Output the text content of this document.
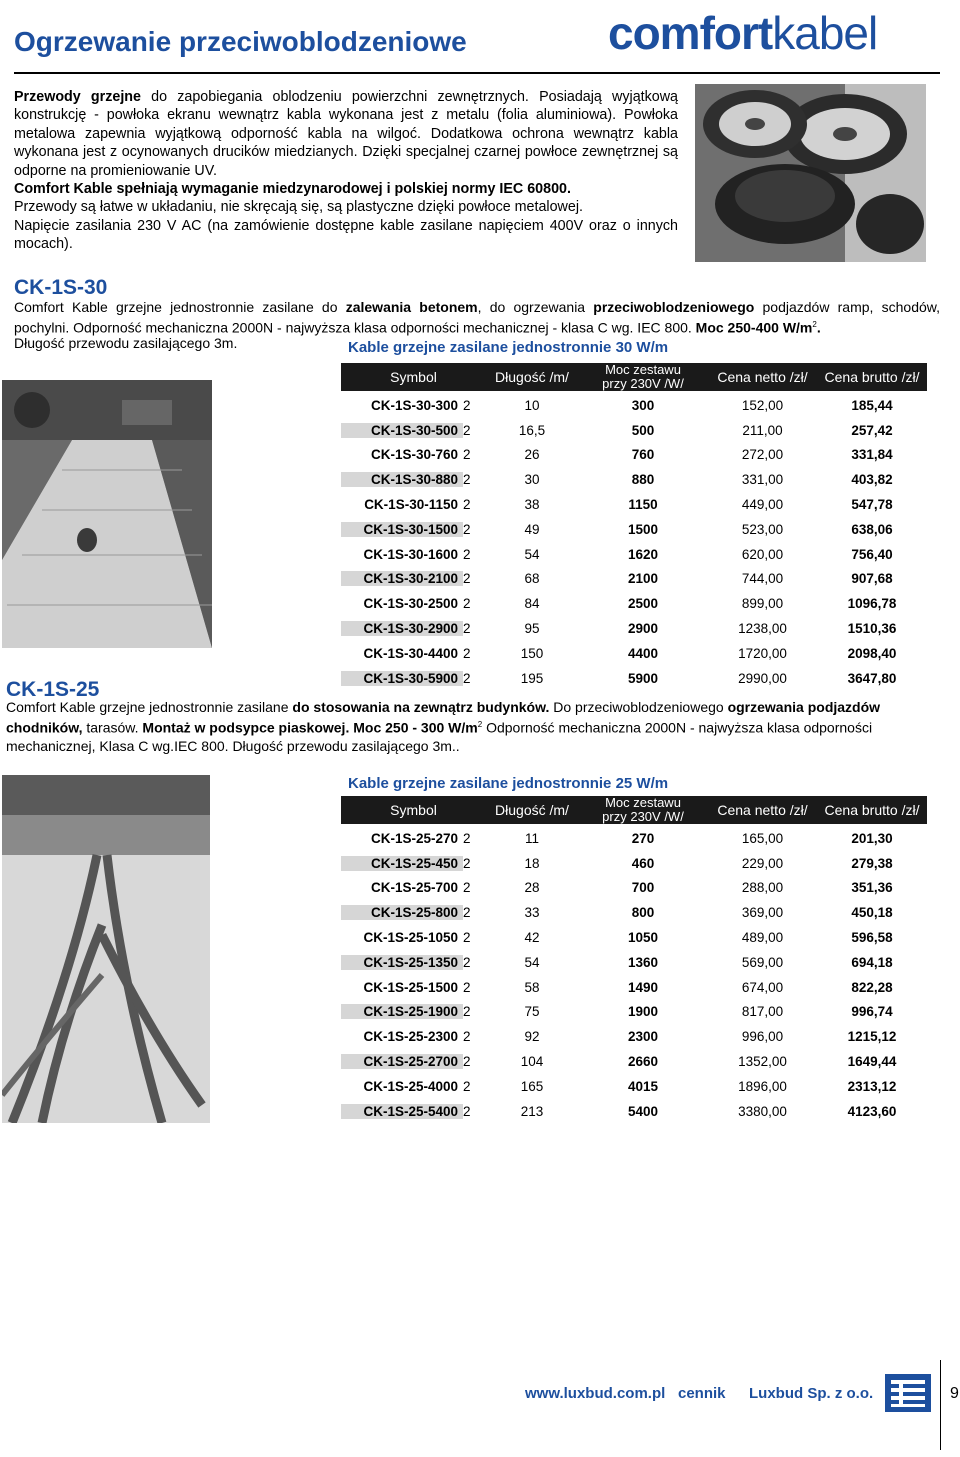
Ogrzewanie przeciwoblodzeniowe	comfortkabel

Przewody grzejne do zapobiegania oblodzeniu powierzchni zewnętrznych. Posiadają wyjątkową konstrukcję - powłoka ekranu wewnątrz kabla wykonana jest z metalu (folia aluminiowa). Powłoka metalowa zapewnia wyjątkową odporność kabla na wilgoć. Dodatkowa ochrona wewnątrz kabla wykonana jest z ocynowanych drucików miedzianych. Dzięki specjalnej czarnej powłoce zewnętrznej są odporne na promieniowanie UV.

Comfort Kable spełniają wymaganie miedzynarodowej i polskiej normy IEC 60800.

Przewody są łatwe w układaniu, nie skręcają się, są plastyczne dzięki powłoce metalowej.

Napięcie zasilania 230 V AC (na zamówienie dostępne kable zasilane napięciem 400V oraz o innych mocach).

CK-1S-30
Comfort Kable grzejne jednostronnie zasilane do zalewania betonem, do ogrzewania przeciwoblodzeniowego podjazdów ramp, schodów, pochylni. Odporność mechaniczna 2000N - najwyższa klasa odporności mechanicznej - klasa C wg. IEC 800. Moc 250-400 $W/m^2$.
Długość przewodu zasilającego 3m.	Kable grzejne zasilane jednostronnie 30 W/m
Symbol	Długość /m/	Moc zestawu
przy 230V /W/	Cena netto /zł/	Cena brutto /zł/
CK-1S-30-300 2	10	300	152,00	185,44
CK-1S-30-500 2	16,5	500	211,00	257,42
CK-1S-30-760 2	26	760	272,00	331,84
CK-1S-30-880 2	30	880	331,00	403,82
CK-1S-30-1150 2	38	1150	449,00	547,78
CK-1S-30-1500 2	49	1500	523,00	638,06
CK-1S-30-1600 2	54	1620	620,00	756,40
CK-1S-30-2100 2	68	2100	744,00	907,68
CK-1S-30-2500 2	84	2500	899,00	1096,78
CK-1S-30-2900 2	95	2900	1238,00	1510,36
CK-1S-30-4400 2	150	4400	1720,00	2098,40
CK-1S-30-5900 2	195	5900	2990,00	3647,80
CK-1S-25
Comfort Kable grzejne jednostronnie zasilane do stosowania na zewnątrz budynków. Do przeciwoblodzeniowego ogrzewania podjazdów chodników, tarasów. Montaż w podsypce piaskowej. Moc 250 - 300 $W/m^2$ Odporność mechaniczna 2000N - najwyższa klasa odporności mechanicznej, Klasa C wg.IEC 800. Długość przewodu zasilającego 3m..
Kable grzejne zasilane jednostronnie 25 W/m
Symbol	Długość /m/	Moc zestawu
przy 230V /W/	Cena netto /zł/	Cena brutto /zł/
CK-1S-25-270 2	11	270	165,00	201,30
CK-1S-25-450 2	18	460	229,00	279,38
CK-1S-25-700 2	28	700	288,00	351,36
CK-1S-25-800 2	33	800	369,00	450,18
CK-1S-25-1050 2	42	1050	489,00	596,58
CK-1S-25-1350 2	54	1360	569,00	694,18
CK-1S-25-1500 2	58	1490	674,00	822,28
CK-1S-25-1900 2	75	1900	817,00	996,74
CK-1S-25-2300 2	92	2300	996,00	1215,12
CK-1S-25-2700 2	104	2660	1352,00	1649,44
CK-1S-25-4000 2	165	4015	1896,00	2313,12
CK-1S-25-5400 2	213	5400	3380,00	4123,60
www.luxbud.com.pl cennik Luxbud Sp. z o.o.	9
